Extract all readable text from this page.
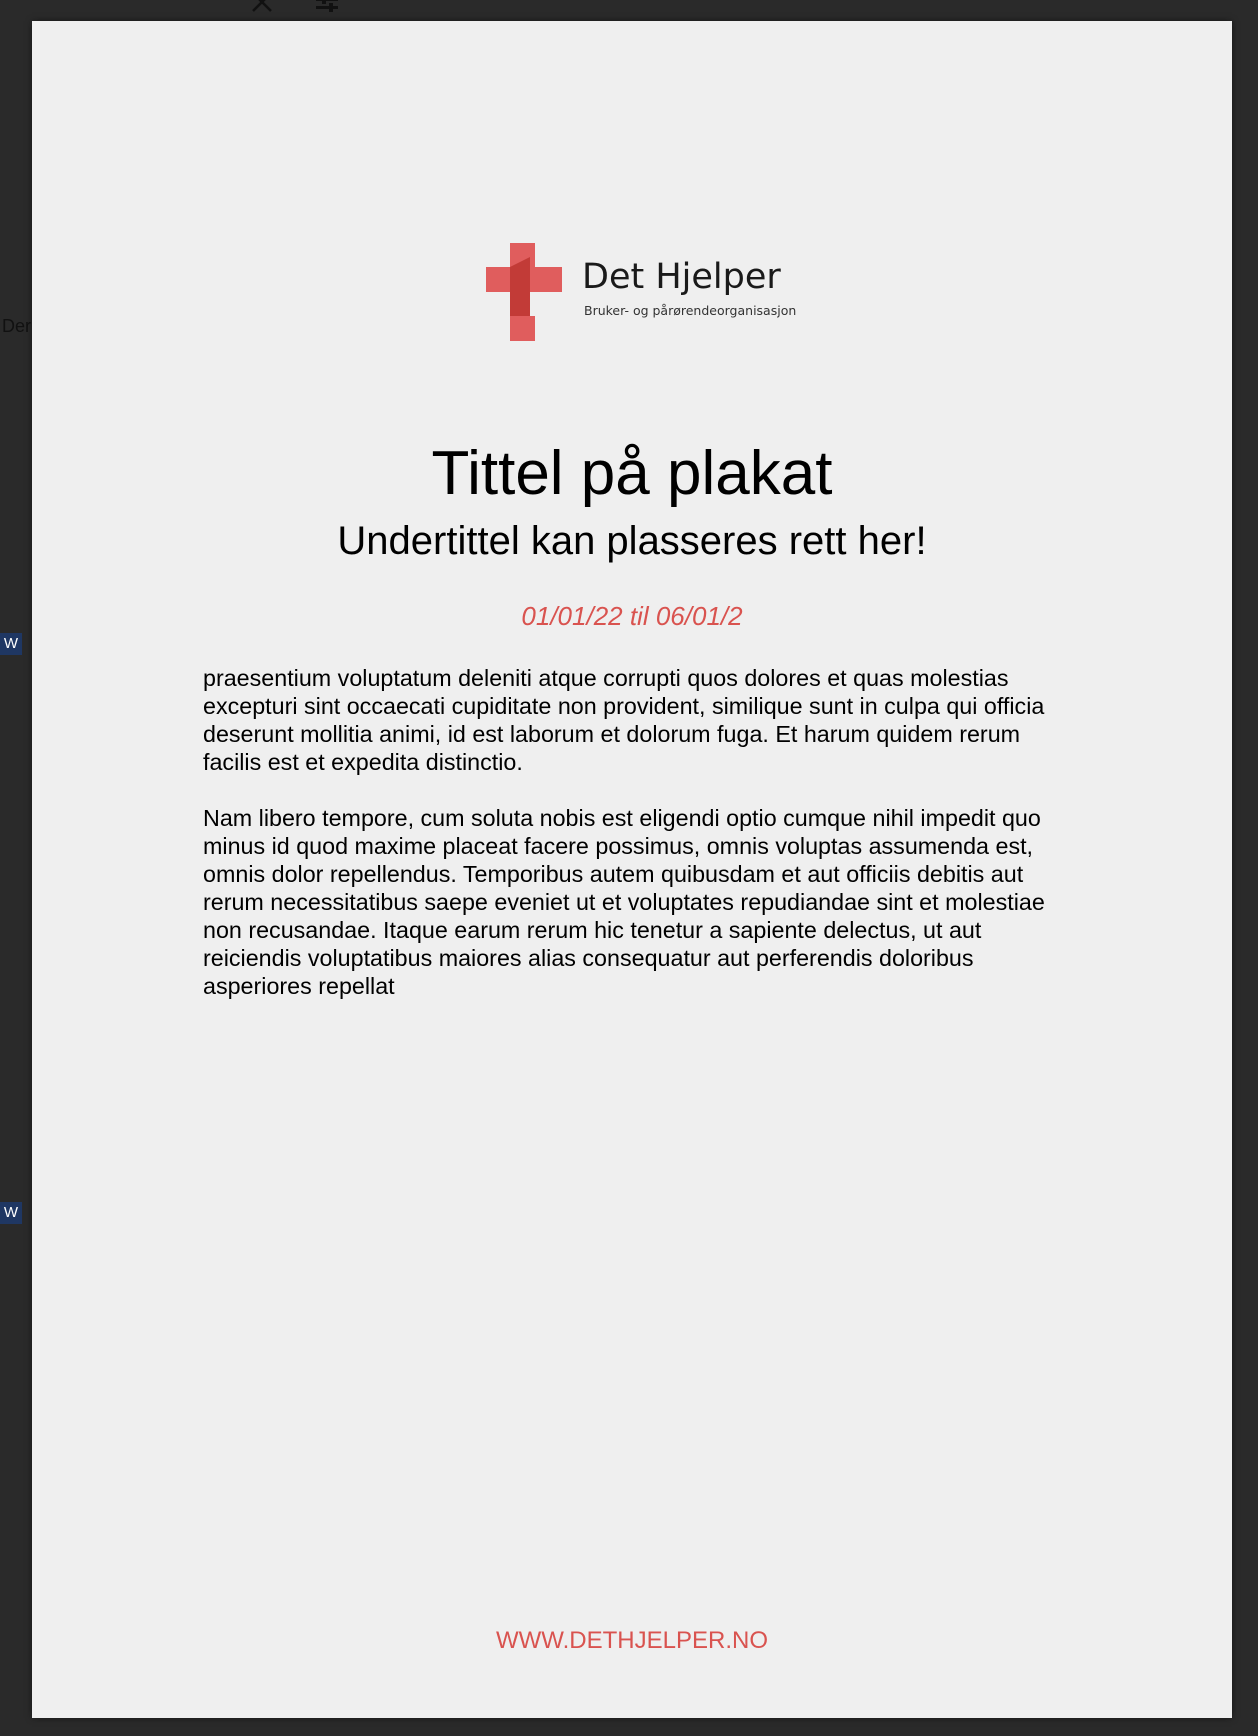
Der
W
W
Det Hjelper
Bruker- og pårørendeorganisasjon
Tittel på plakat
Undertittel kan plasseres rett her!
01/01/22 til 06/01/2

praesentium voluptatum deleniti atque corrupti quos dolores et quas molestias excepturi sint occaecati cupiditate non provident, similique sunt in culpa qui officia deserunt mollitia animi, id est laborum et dolorum fuga. Et harum quidem rerum facilis est et expedita distinctio.

Nam libero tempore, cum soluta nobis est eligendi optio cumque nihil impedit quo minus id quod maxime placeat facere possimus, omnis voluptas assumenda est, omnis dolor repellendus. Temporibus autem quibusdam et aut officiis debitis aut rerum necessitatibus saepe eveniet ut et voluptates repudiandae sint et molestiae non recusandae. Itaque earum rerum hic tenetur a sapiente delectus, ut aut reiciendis voluptatibus maiores alias consequatur aut perferendis doloribus asperiores repellat

WWW.DETHJELPER.NO
